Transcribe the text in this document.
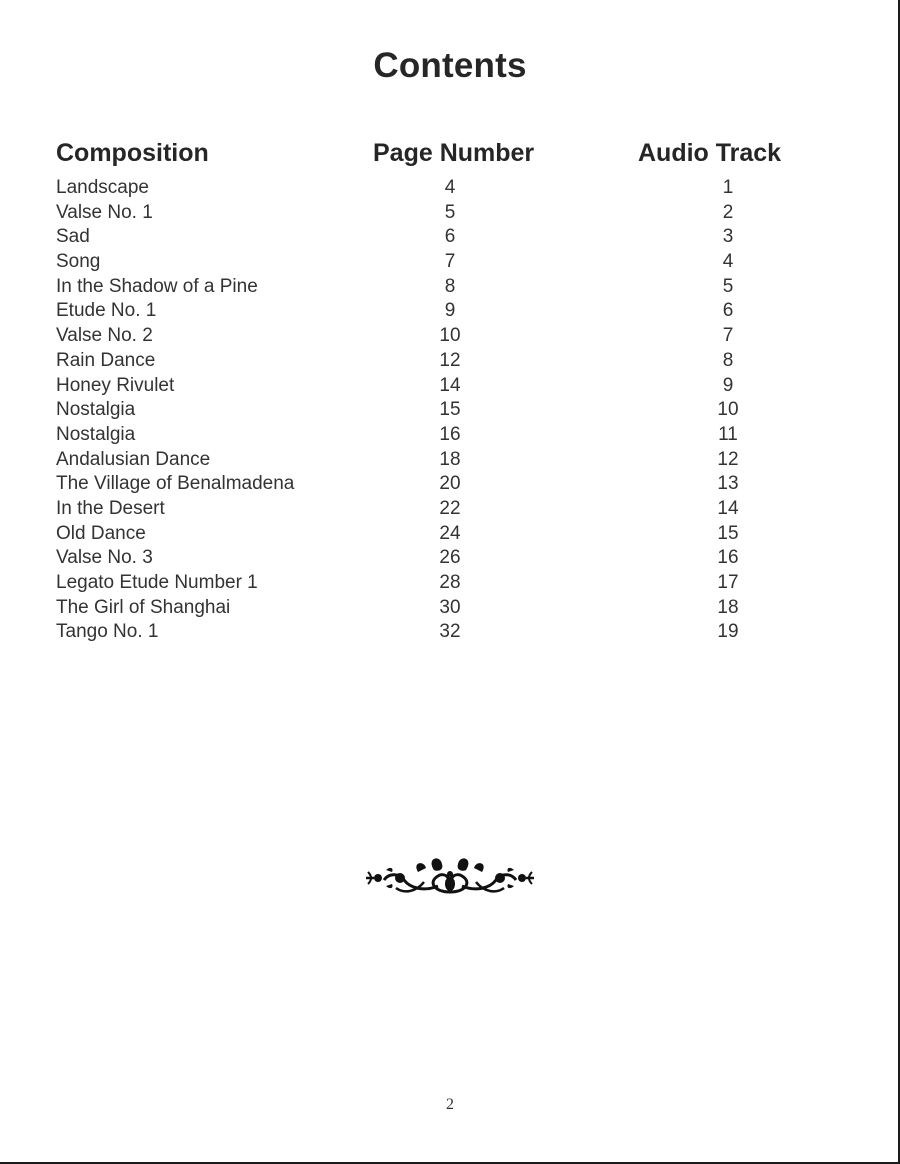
Contents
Composition	Page Number	Audio Track
Landscape	4	1
Valse No. 1	5	2
Sad	6	3
Song	7	4
In the Shadow of a Pine	8	5
Etude No. 1	9	6
Valse No. 2	10	7
Rain Dance	12	8
Honey Rivulet	14	9
Nostalgia	15	10
Nostalgia	16	11
Andalusian Dance	18	12
The Village of Benalmadena	20	13
In the Desert	22	14
Old Dance	24	15
Valse No. 3	26	16
Legato Etude Number 1	28	17
The Girl of Shanghai	30	18
Tango No. 1	32	19
2
